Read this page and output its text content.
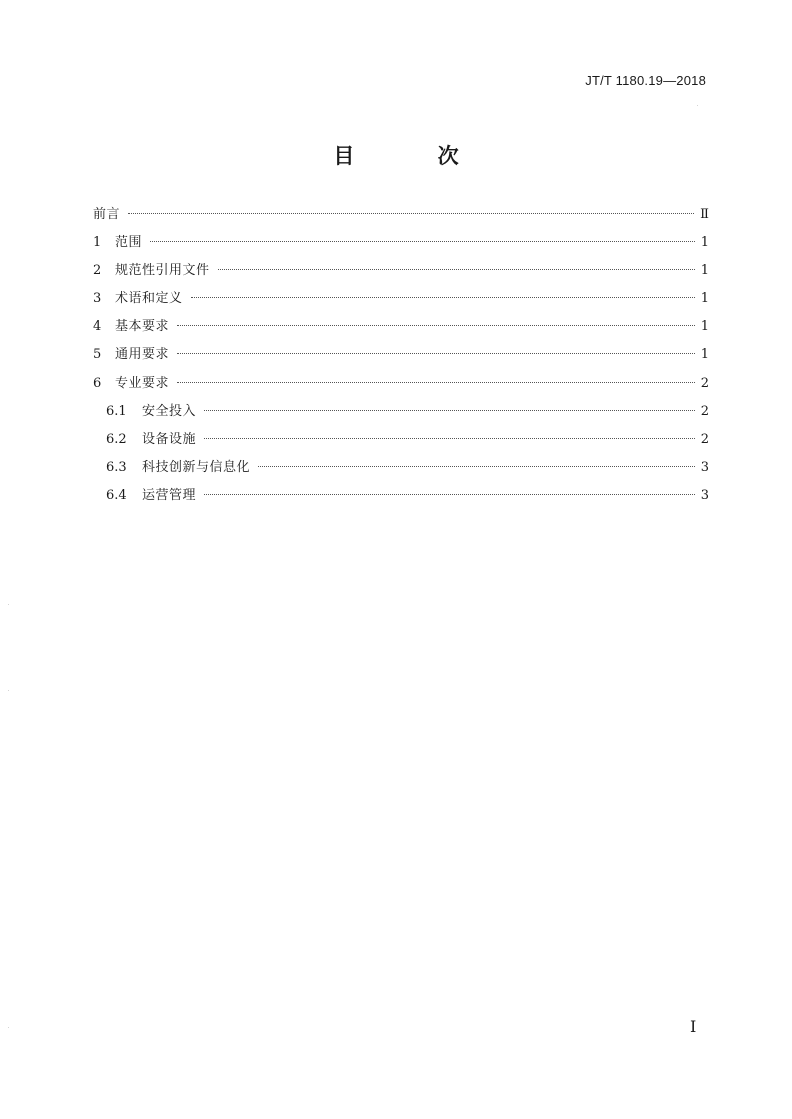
JT/T 1180.19—2018
目 次
前言	Ⅱ
1	范围	1
2	规范性引用文件	1
3	术语和定义	1
4	基本要求	1
5	通用要求	1
6	专业要求	2
6.1	安全投入	2
6.2	设备设施	2
6.3	科技创新与信息化	3
6.4	运营管理	3
I
